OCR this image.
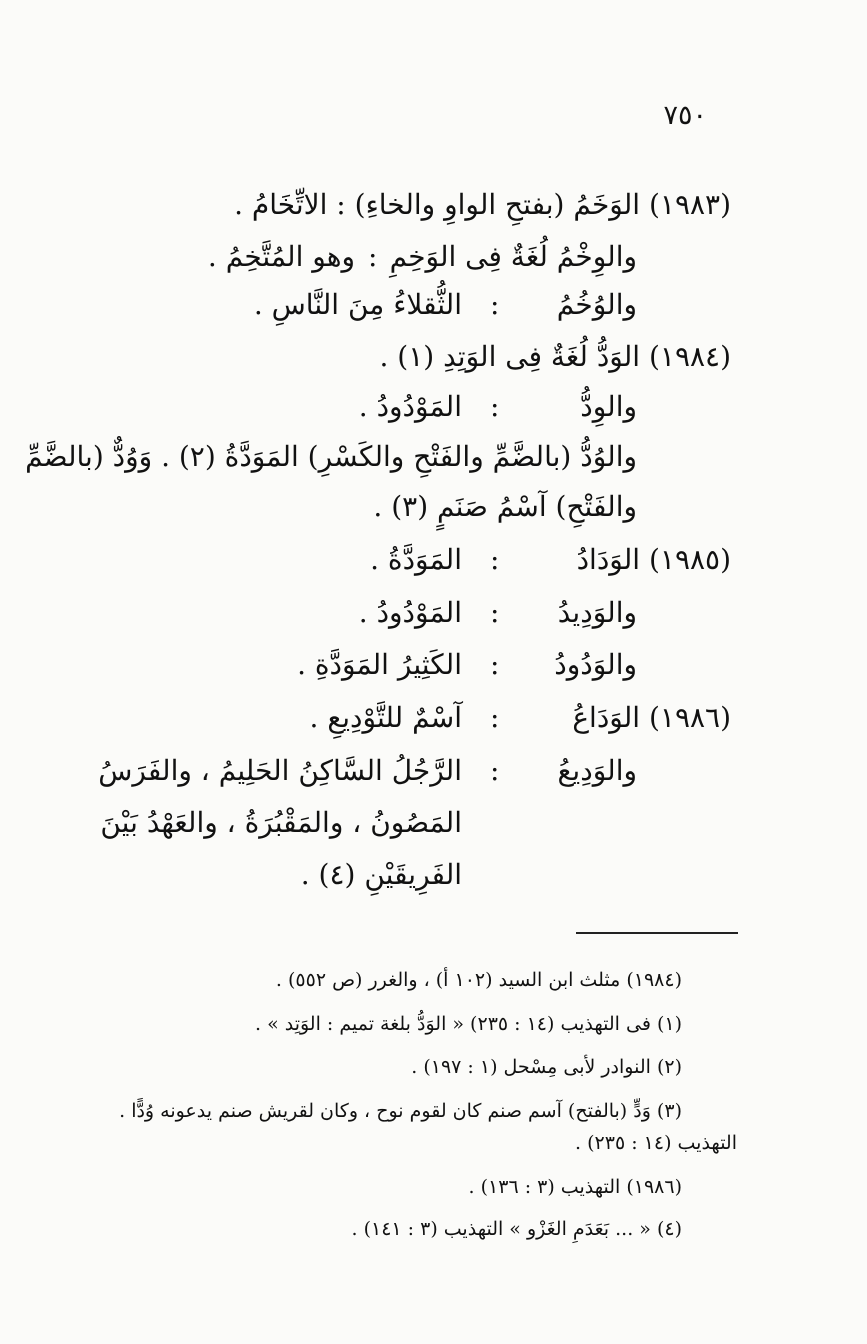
٧٥٠
(١٩٨٣) الوَخَمُ (بفتحِ الواوِ والخاءِ) : الاتِّخَامُ .
والوِخْمُ لُغَةٌ فِى الوَخِمِ
:
وهو المُتَّخِمُ .
والوُخُمُ
:
الثُّقلاءُ مِنَ النَّاسِ .
(١٩٨٤) الوَدُّ لُغَةٌ فِى الوَتِدِ (١) .
والوِدُّ
:
المَوْدُودُ .
والوُدُّ (بالضَّمِّ والفَتْحِ والكَسْرِ) المَوَدَّةُ (٢) . وَوُدٌّ (بالضَّمِّ
والفَتْحِ) آسْمُ صَنَمٍ (٣) .
(١٩٨٥) الوَدَادُ
:
المَوَدَّةُ .
والوَدِيدُ
:
المَوْدُودُ .
والوَدُودُ
:
الكَثِيرُ المَوَدَّةِ .
(١٩٨٦) الوَدَاعُ
:
آسْمٌ للتَّوْدِيعِ .
والوَدِيعُ
:
الرَّجُلُ السَّاكِنُ الحَلِيمُ ، والفَرَسُ
المَصُونُ ، والمَقْبُرَةُ ، والعَهْدُ بَيْنَ
الفَرِيقَيْنِ (٤) .
(١٩٨٤) مثلث ابن السيد (١٠٢ أ) ، والغرر (ص ٥٥٢) .
(١) فى التهذيب (١٤ : ٢٣٥) « الوَدُّ بلغة تميم : الوَتِد » .
(٢) النوادر لأبى مِسْحل (١ : ١٩٧) .
(٣) وَدٍّ (بالفتح) آسم صنم كان لقوم نوح ، وكان لقريش صنم يدعونه وُدًّا .
التهذيب (١٤ : ٢٣٥) .
(١٩٨٦) التهذيب (٣ : ١٣٦) .
(٤) « ... بَعَدَمِ الغَزْو » التهذيب (٣ : ١٤١) .
